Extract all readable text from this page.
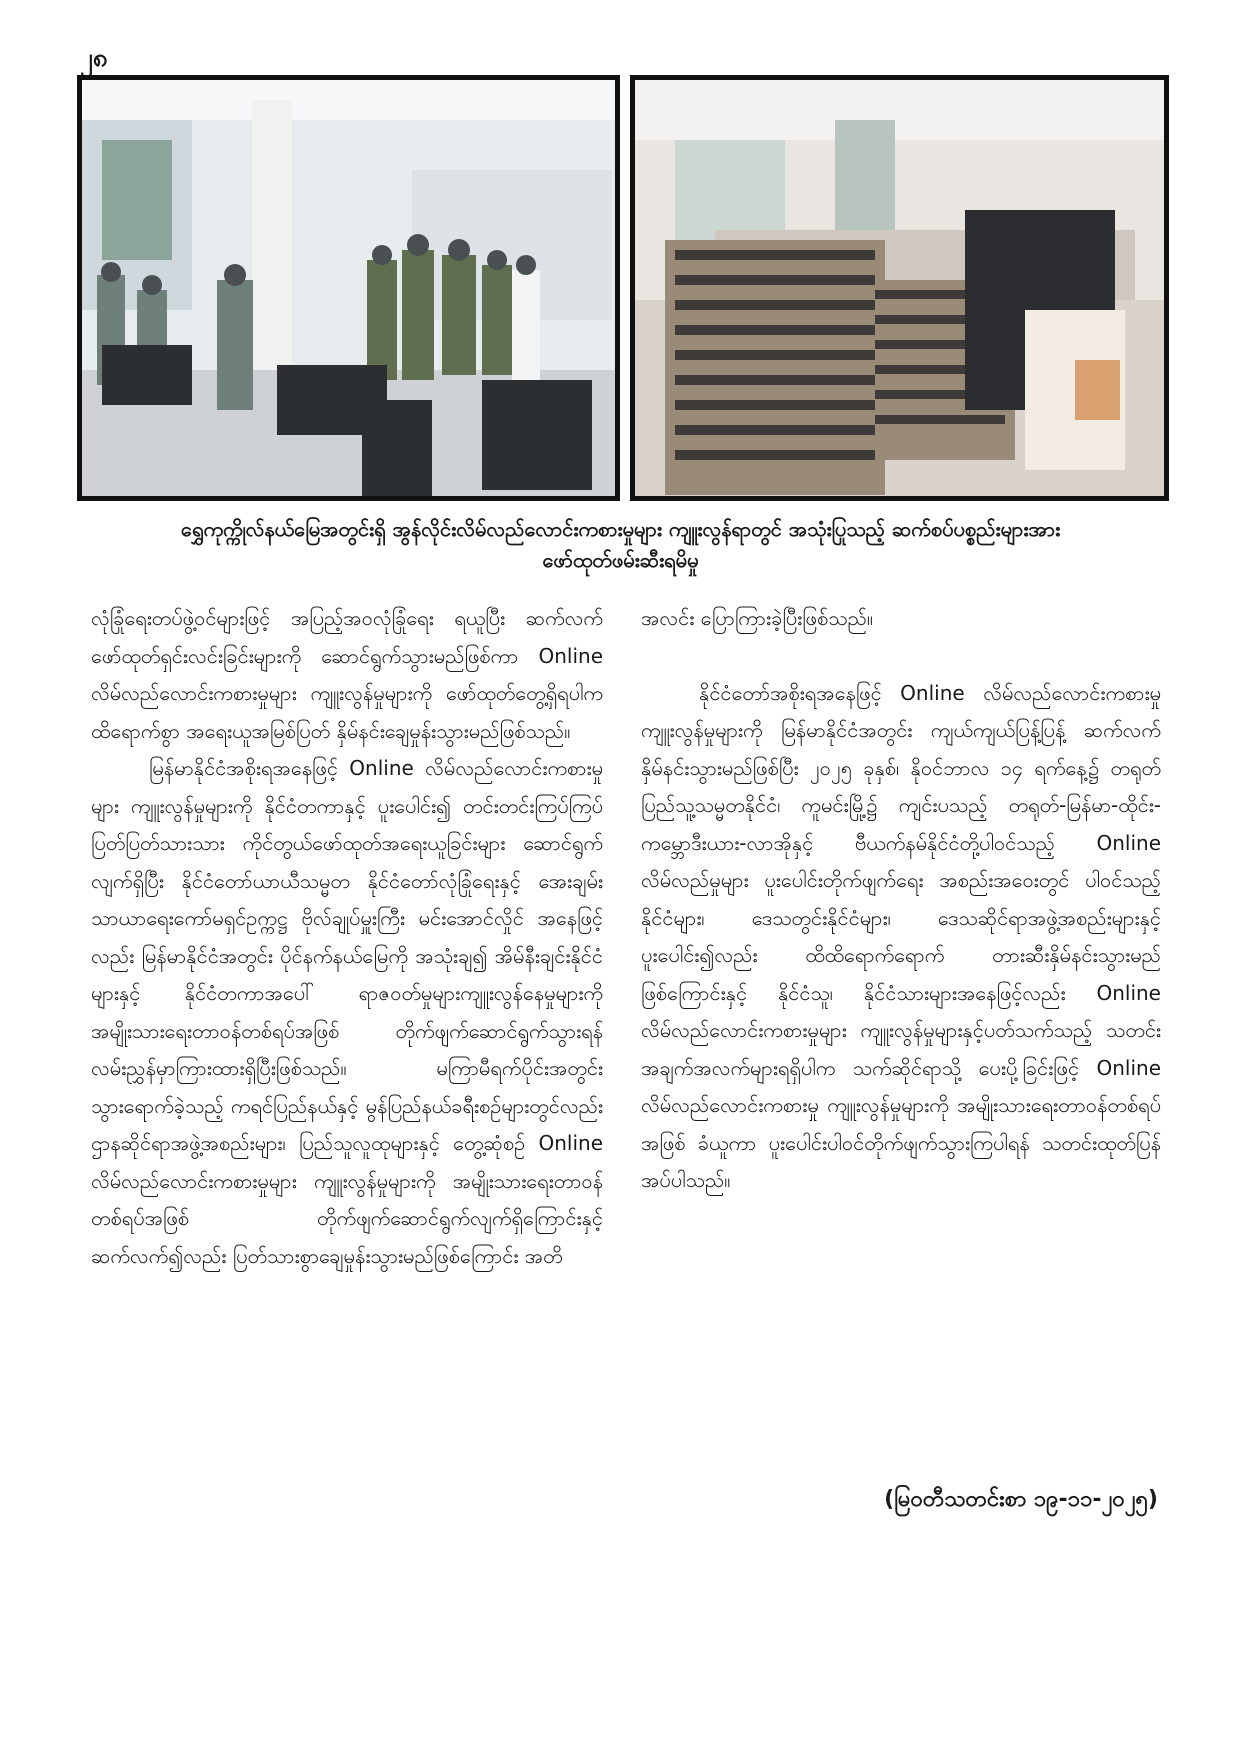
၂၈
ရွှေကုက္ကိုလ်နယ်မြေအတွင်းရှိ အွန်လိုင်းလိမ်လည်လောင်းကစားမှုများ ကျူးလွန်ရာတွင် အသုံးပြုသည့် ဆက်စပ်ပစ္စည်းများအား
ဖော်ထုတ်ဖမ်းဆီးရမိမှု

လုံခြုံရေးတပ်ဖွဲ့ဝင်များဖြင့် အပြည့်အဝလုံခြုံရေး ရယူပြီး ဆက်လက်ဖော်ထုတ်ရှင်းလင်းခြင်းများကို ဆောင်ရွက်သွားမည်ဖြစ်ကာ Online လိမ်လည်လောင်းကစားမှုများ ကျူးလွန်မှုများကို ဖော်ထုတ်တွေ့ရှိရပါက ထိရောက်စွာ အရေးယူအမြစ်ပြတ် နှိမ်နင်းချေမှုန်းသွားမည်ဖြစ်သည်။

မြန်မာနိုင်ငံအစိုးရအနေဖြင့် Online လိမ်လည်လောင်းကစားမှုများ ကျူးလွန်မှုများကို နိုင်ငံတကာနှင့် ပူးပေါင်း၍ တင်းတင်းကြပ်ကြပ် ပြတ်ပြတ်သားသား ကိုင်တွယ်ဖော်ထုတ်အရေးယူခြင်းများ ဆောင်ရွက်လျက်ရှိပြီး နိုင်ငံတော်ယာယီသမ္မတ နိုင်ငံတော်လုံခြုံရေးနှင့် အေးချမ်းသာယာရေးကော်မရှင်ဥက္ကဋ္ဌ ဗိုလ်ချုပ်မှူးကြီး မင်းအောင်လှိုင် အနေဖြင့်လည်း မြန်မာနိုင်ငံအတွင်း ပိုင်နက်နယ်မြေကို အသုံးချ၍ အိမ်နီးချင်းနိုင်ငံများနှင့် နိုင်ငံတကာအပေါ် ရာဇဝတ်မှုများကျူးလွန်နေမှုများကို အမျိုးသားရေးတာဝန်တစ်ရပ်အဖြစ် တိုက်ဖျက်ဆောင်ရွက်သွားရန် လမ်းညွှန်မှာကြားထားရှိပြီးဖြစ်သည်။ မကြာမီရက်ပိုင်းအတွင်း သွားရောက်ခဲ့သည့် ကရင်ပြည်နယ်နှင့် မွန်ပြည်နယ်ခရီးစဉ်များတွင်လည်း ဌာနဆိုင်ရာအဖွဲ့အစည်းများ၊ ပြည်သူလူထုများနှင့် တွေ့ဆုံစဉ် Online လိမ်လည်လောင်းကစားမှုများ ကျူးလွန်မှုများကို အမျိုးသားရေးတာဝန်တစ်ရပ်အဖြစ် တိုက်ဖျက်ဆောင်ရွက်လျက်ရှိကြောင်းနှင့် ဆက်လက်၍လည်း ပြတ်သားစွာချေမှုန်းသွားမည်ဖြစ်ကြောင်း အတိ

အလင်း ပြောကြားခဲ့ပြီးဖြစ်သည်။

နိုင်ငံတော်အစိုးရအနေဖြင့် Online လိမ်လည်လောင်းကစားမှုကျူးလွန်မှုများကို မြန်မာနိုင်ငံအတွင်း ကျယ်ကျယ်ပြန့်ပြန့် ဆက်လက်နှိမ်နင်းသွားမည်ဖြစ်ပြီး ၂၀၂၅ ခုနှစ်၊ နိုဝင်ဘာလ ၁၄ ရက်နေ့၌ တရုတ်ပြည်သူ့သမ္မတနိုင်ငံ၊ ကူမင်းမြို့၌ ကျင်းပသည့် တရုတ်-မြန်မာ-ထိုင်း-ကမ္ဘောဒီးယား-လာအိုနှင့် ဗီယက်နမ်နိုင်ငံတို့ပါဝင်သည့် Online လိမ်လည်မှုများ ပူးပေါင်းတိုက်ဖျက်ရေး အစည်းအဝေးတွင် ပါဝင်သည့်နိုင်ငံများ၊ ဒေသတွင်းနိုင်ငံများ၊ ဒေသဆိုင်ရာအဖွဲ့အစည်းများနှင့် ပူးပေါင်း၍လည်း ထိထိရောက်ရောက် တားဆီးနှိမ်နင်းသွားမည်ဖြစ်ကြောင်းနှင့် နိုင်ငံသူ၊ နိုင်ငံသားများအနေဖြင့်လည်း Online လိမ်လည်လောင်းကစားမှုများ ကျူးလွန်မှုများနှင့်ပတ်သက်သည့် သတင်းအချက်အလက်များရရှိပါက သက်ဆိုင်ရာသို့ ပေးပို့ခြင်းဖြင့် Online လိမ်လည်လောင်းကစားမှု ကျူးလွန်မှုများကို အမျိုးသားရေးတာဝန်တစ်ရပ်အဖြစ် ခံယူကာ ပူးပေါင်းပါဝင်တိုက်ဖျက်သွားကြပါရန် သတင်းထုတ်ပြန်အပ်ပါသည်။

(မြဝတီသတင်းစာ ၁၉-၁၁-၂၀၂၅)
